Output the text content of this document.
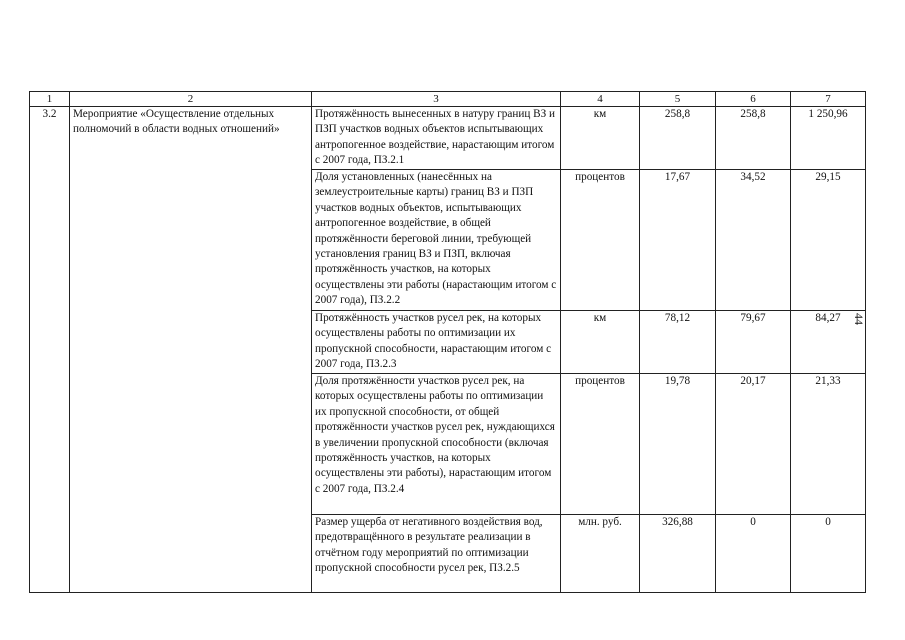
1	2	3	4	5	6	7
3.2	Мероприятие «Осуществление отдельных полномочий в области водных отношений»	Протяжённость вынесенных в натуру границ ВЗ и ПЗП участков водных объектов испытывающих антропогенное воздействие, нарастающим итогом с 2007 года, ПЗ.2.1	км	258,8	258,8	1 250,96
		Доля установленных (нанесённых на землеустроительные карты) границ ВЗ и ПЗП участков водных объектов, испытывающих антропогенное воздействие, в общей протяжённости береговой линии, требующей установления границ ВЗ и ПЗП, включая протяжённость участков, на которых осуществлены эти работы (нарастающим итогом с 2007 года), ПЗ.2.2	процентов	17,67	34,52	29,15
		Протяжённость участков русел рек, на которых осуществлены работы по оптимизации их пропускной способности, нарастающим итогом с 2007 года, ПЗ.2.3	км	78,12	79,67	84,27
		Доля протяжённости участков русел рек, на которых осуществлены работы по оптимизации их пропускной способности, от общей протяжённости участков русел рек, нуждающихся в увеличении пропускной способности (включая протяжённость участков, на которых осуществлены эти работы), нарастающим итогом с 2007 года, ПЗ.2.4	процентов	19,78	20,17	21,33
		Размер ущерба от негативного воздействия вод, предотвращённого в результате реализации в отчётном году мероприятий по оптимизации пропускной способности русел рек, ПЗ.2.5	млн. руб.	326,88	0	0
44
